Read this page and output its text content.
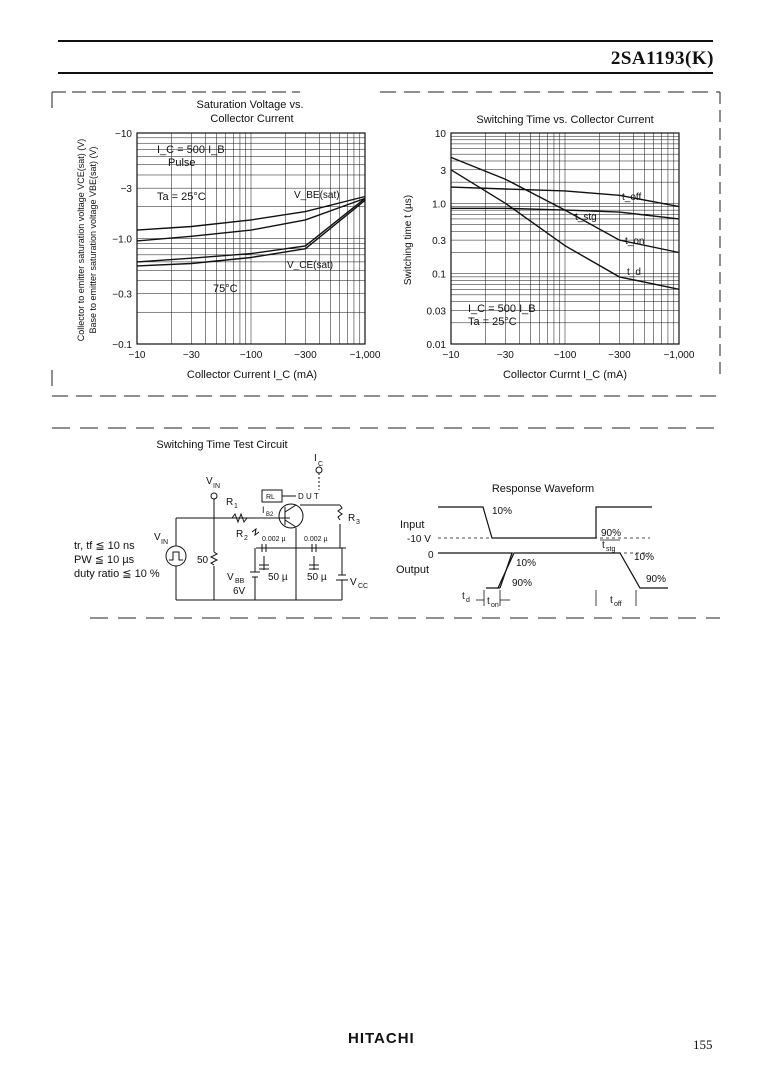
2SA1193(K)
Saturation Voltage vs.
Collector Current
−10	−30	−100	−300	−1,000
−10
−3
−1.0
−0.3
−0.1
Collector Current I_C (mA)
Collector to emitter saturation voltage VCE(sat) (V) Base to emitter saturation voltage VBE(sat) (V)	I_C = 500 I_B
Pulse
Ta = 25°C	V_BE(sat)
V_CE(sat)
75°C
Switching Time vs. Collector Current
−10	−30	−100	−300	−1,000
10
3
1.0
0.3
0.1
0.03
0.01
Collector Currnt I_C (mA)
Switching time t (µs)
I_C = 500 I_B
Ta = 25°C
t_off
t_stg
t_on
t_d
Switching Time Test Circuit
I
C
V IN
R 1
RL	D U T
I B2
R 2
R 3
0.002 µ	0.002 µ
50 µ 50 µ
50
V IN
V BB
6V
V CC
tr, tf ≦ 10 ns
PW ≦ 10 µs
duty ratio ≦ 10 %
Response Waveform
Input
-10 V
0
Output
10%
90%
10%
90%
10%
90%
t d t on
t stg
t off
HITACHI	155
